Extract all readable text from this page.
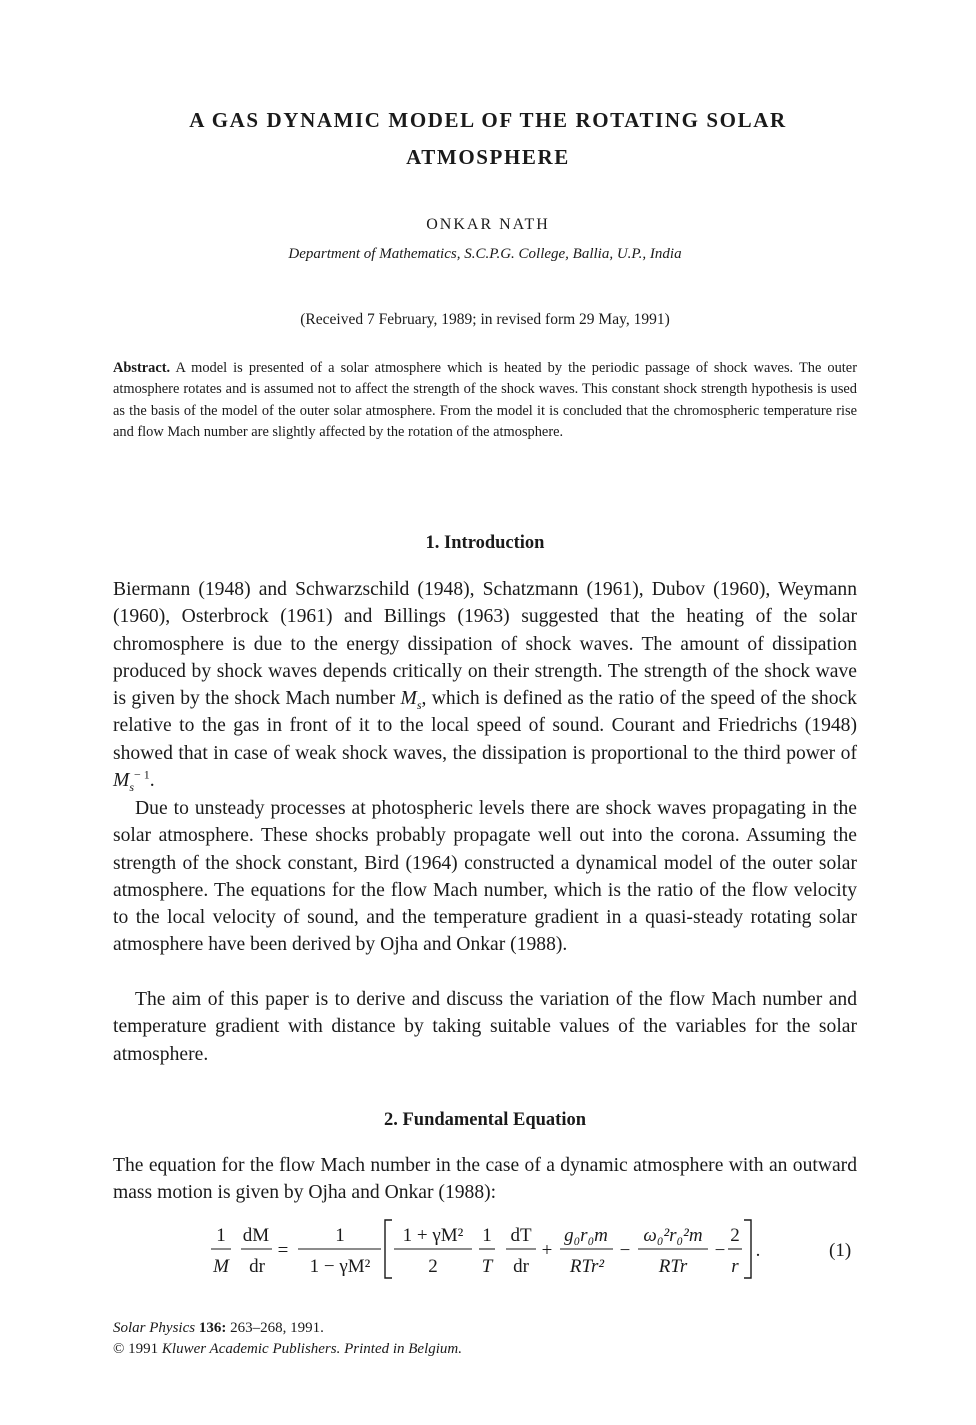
A GAS DYNAMIC MODEL OF THE ROTATING SOLAR
ATMOSPHERE
ONKAR NATH
Department of Mathematics, S.C.P.G. College, Ballia, U.P., India
(Received 7 February, 1989; in revised form 29 May, 1991)
Abstract. A model is presented of a solar atmosphere which is heated by the periodic passage of shock waves. The outer atmosphere rotates and is assumed not to affect the strength of the shock waves. This constant shock strength hypothesis is used as the basis of the model of the outer solar atmosphere. From the model it is concluded that the chromospheric temperature rise and flow Mach number are slightly affected by the rotation of the atmosphere.
1. Introduction
Biermann (1948) and Schwarzschild (1948), Schatzmann (1961), Dubov (1960), Weymann (1960), Osterbrock (1961) and Billings (1963) suggested that the heating of the solar chromosphere is due to the energy dissipation of shock waves. The amount of dissipation produced by shock waves depends critically on their strength. The strength of the shock wave is given by the shock Mach number $M_s$, which is defined as the ratio of the speed of the shock relative to the gas in front of it to the local speed of sound. Courant and Friedrichs (1948) showed that in case of weak shock waves, the dissipation is proportional to the third power of $M_s^{- 1}$.
Due to unsteady processes at photospheric levels there are shock waves propagating in the solar atmosphere. These shocks probably propagate well out into the corona. Assuming the strength of the shock constant, Bird (1964) constructed a dynamical model of the outer solar atmosphere. The equations for the flow Mach number, which is the ratio of the flow velocity to the local velocity of sound, and the temperature gradient in a quasi-steady rotating solar atmosphere have been derived by Ojha and Onkar (1988).
The aim of this paper is to derive and discuss the variation of the flow Mach number and temperature gradient with distance by taking suitable values of the variables for the solar atmosphere.
2. Fundamental Equation
The equation for the flow Mach number in the case of a dynamic atmosphere with an outward mass motion is given by Ojha and Onkar (1988):
1
M
dM
dr
=
1
1 − γM²
1 + γM²
2
1
T
dT
dr
+
g₀r₀m
RTr²
−
ω₀²r₀²m
RTr
−
2
r
.	(1)
Solar Physics 136: 263–268, 1991.
© 1991 Kluwer Academic Publishers. Printed in Belgium.
